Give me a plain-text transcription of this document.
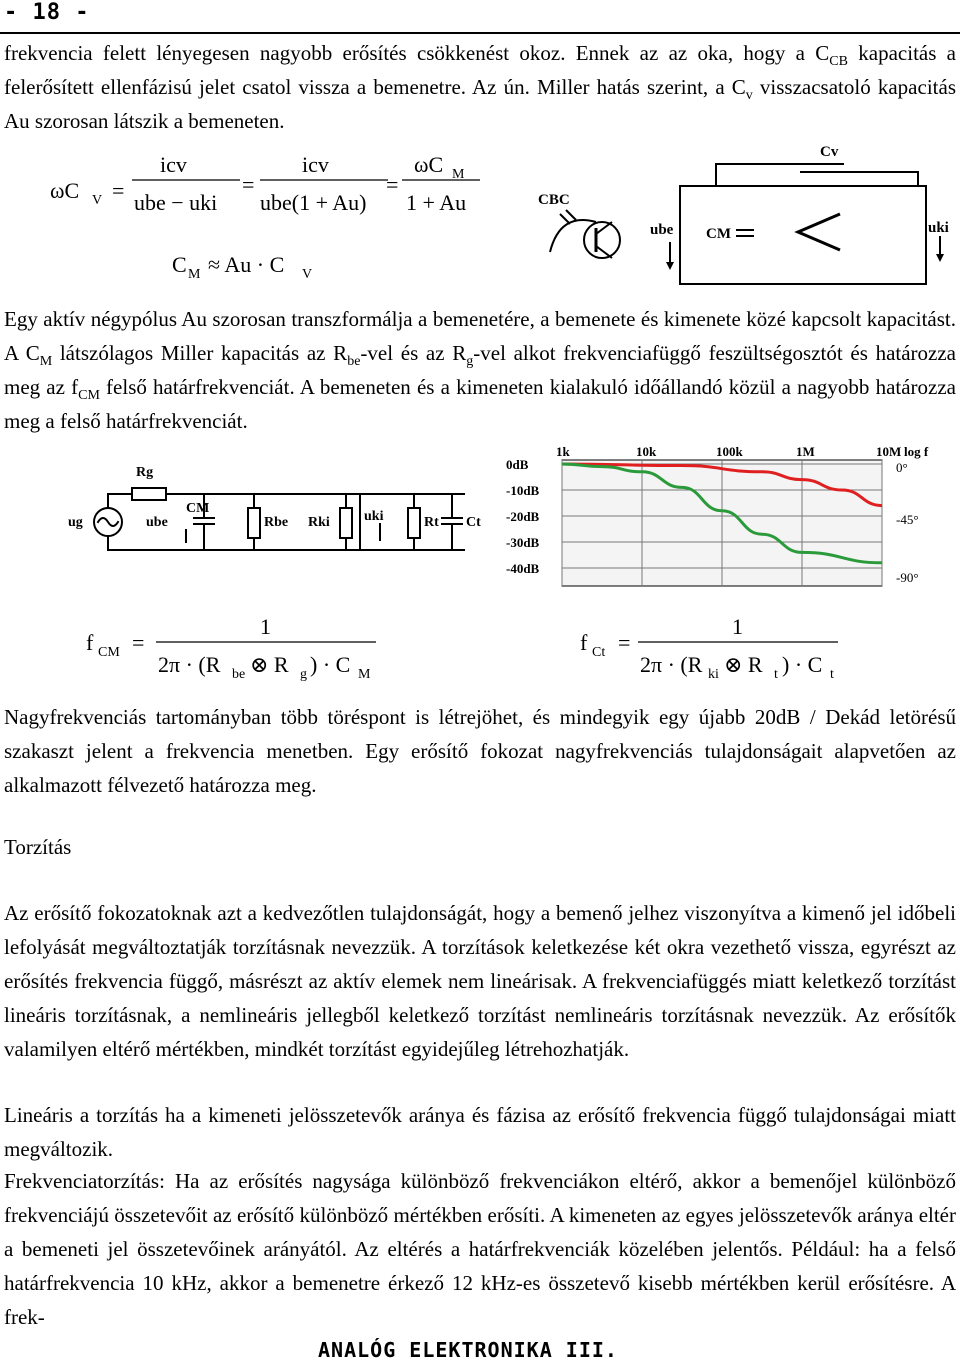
- 18 -
frekvencia felett lényegesen nagyobb erősítés csökkenést okoz. Ennek az az oka, hogy a $C_{CB}$ kapacitás a felerősített ellenfázisú jelet csatol vissza a bemenetre. Az ún. Miller hatás szerint, a $C_v$ visszacsatoló kapacitás Au szorosan látszik a bemeneten.
ωC V =
icv
ube − uki
=
icv
ube(1 + Au)
=
ωC M
1 + Au
C M ≈ Au · C V
CBC
Cv
ube CM	uki
Egy aktív négypólus Au szorosan transzformálja a bemenetére, a bemenete és kimenete közé kapcsolt kapacitást. A $C_M$ látszólagos Miller kapacitás az $R_{be}$-vel és az $R_g$-vel alkot frekvenciafüggő feszültségosztót és határozza meg az $f_{CM}$ felső határfrekvenciát. A bemeneten és a kimeneten kialakuló időállandó közül a nagyobb határozza meg a felső határfrekvenciát.
Rg
ug	ube
CM
Rbe Rki uki	Rt Ct
1k	10k	100k	1M	10M log f
0dB
-10dB
-20dB
-30dB
-40dB
0°
-45°
-90°
f CM =
1
2π · (R be ⊗ R g ) · C M
f Ct =
1
2π · (R ki ⊗ R t ) · C t
Nagyfrekvenciás tartományban több töréspont is létrejöhet, és mindegyik egy újabb 20dB / Dekád letörésű szakaszt jelent a frekvencia menetben. Egy erősítő fokozat nagyfrekvenciás tulajdonságait alapvetően az alkalmazott félvezető határozza meg.
Torzítás
Az erősítő fokozatoknak azt a kedvezőtlen tulajdonságát, hogy a bemenő jelhez viszonyítva a kimenő jel időbeli lefolyását megváltoztatják torzításnak nevezzük. A torzítások keletkezése két okra vezethető vissza, egyrészt az erősítés frekvencia függő, másrészt az aktív elemek nem lineárisak. A frekvenciafüggés miatt keletkező torzítást lineáris torzításnak, a nemlineáris jellegből keletkező torzítást nemlineáris torzításnak nevezzük. Az erősítők valamilyen eltérő mértékben, mindkét torzítást egyidejűleg létrehozhatják.
Lineáris a torzítás ha a kimeneti jelösszetevők aránya és fázisa az erősítő frekvencia függő tulajdonságai miatt megváltozik.
Frekvenciatorzítás: Ha az erősítés nagysága különböző frekvenciákon eltérő, akkor a bemenőjel különböző frekvenciájú összetevőit az erősítő különböző mértékben erősíti. A kimeneten az egyes jelösszetevők aránya eltér a bemeneti jel összetevőinek arányától. Az eltérés a határfrekvenciák közelében jelentős. Például: ha a felső határfrekvencia 10 kHz, akkor a bemenetre érkező 12 kHz-es összetevő kisebb mértékben kerül erősítésre. A frek-
ANALÓG ELEKTRONIKA III.
